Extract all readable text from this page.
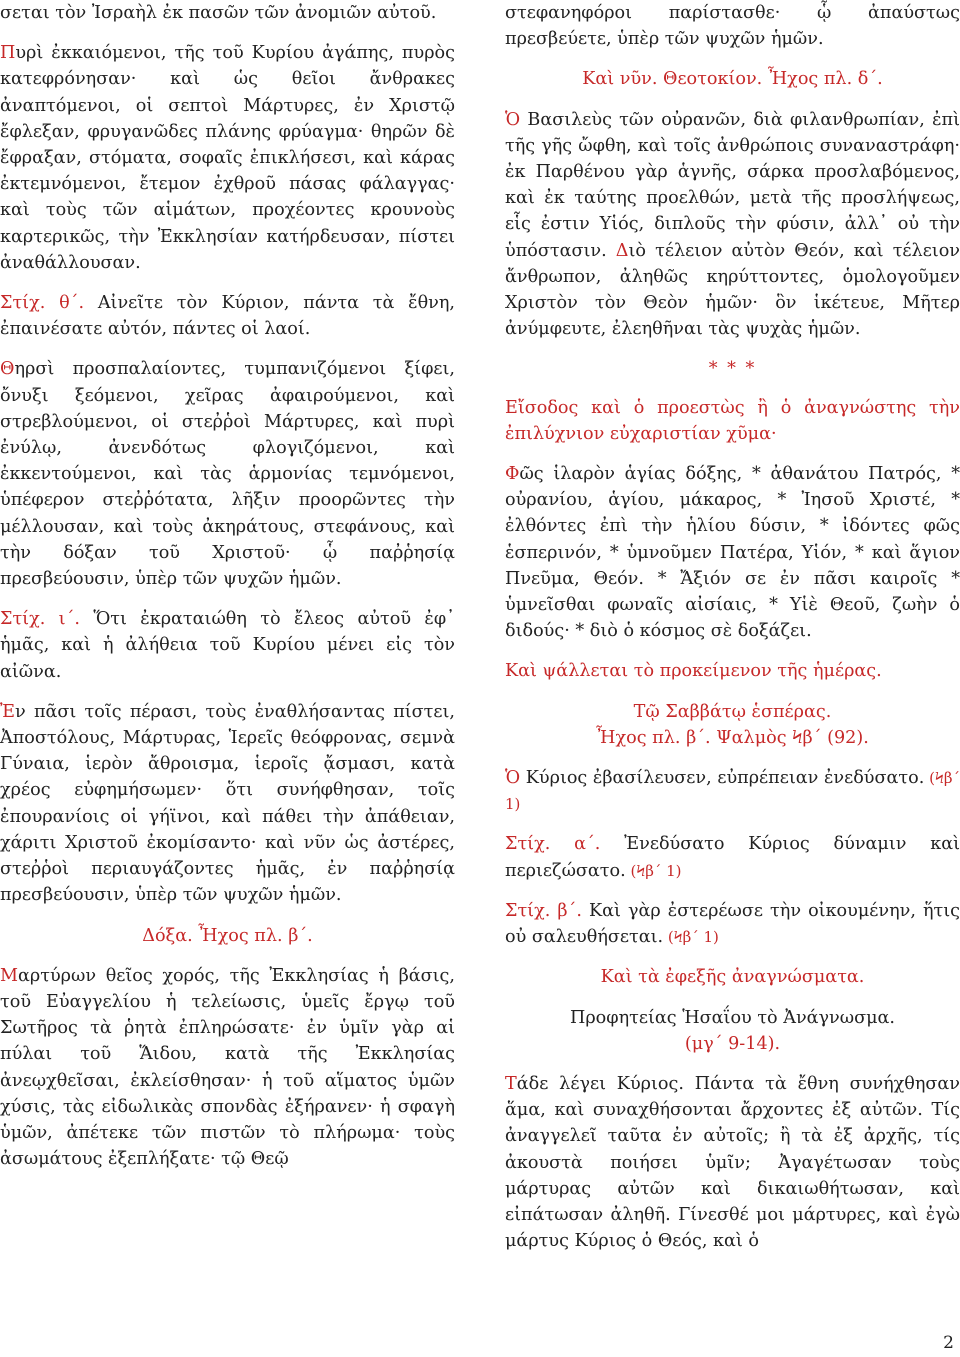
σεται τὸν Ἰσραὴλ ἐκ πασῶν τῶν ἀνομιῶν αὐτοῦ.

Πυρὶ ἐκκαιόμενοι, τῆς τοῦ Κυρίου ἀγάπης, πυρὸς κατεφρόνησαν· καὶ ὡς θεῖοι ἄνθρακες ἀναπτόμενοι, οἱ σεπτοὶ Μάρτυρες, ἐν Χριστῷ ἔφλεξαν, φρυγανῶδες πλάνης φρύαγμα· θηρῶν δὲ ἔφραξαν, στόματα, σοφαῖς ἐπικλήσεσι, καὶ κάρας ἐκτεμνόμενοι, ἔτεμον ἐχθροῦ πάσας φάλαγγας· καὶ τοὺς τῶν αἱμάτων, προχέοντες κρουνοὺς καρτερικῶς, τὴν Ἐκκλησίαν κατήρδευσαν, πίστει ἀναθάλλουσαν.

Στίχ. θ΄. Αἰνεῖτε τὸν Κύριον, πάντα τὰ ἔθνη, ἐπαινέσατε αὐτόν, πάντες οἱ λαοί.

Θηρσὶ προσπαλαίοντες, τυμπανιζόμενοι ξίφει, ὄνυξι ξεόμενοι, χεῖρας ἀφαιρούμενοι, καὶ στρεβλούμενοι, οἱ στεῤῥοὶ Μάρτυρες, καὶ πυρὶ ἐνύλῳ, ἀνενδότως φλογιζόμενοι, καὶ ἐκκεντούμενοι, καὶ τὰς ἁρμονίας τεμνόμενοι, ὑπέφερον στεῤῥότατα, λῆξιν προορῶντες τὴν μέλλουσαν, καὶ τοὺς ἀκηράτους, στεφάνους, καὶ τὴν δόξαν τοῦ Χριστοῦ· ᾧ παῤῥησίᾳ πρεσβεύουσιν, ὑπὲρ τῶν ψυχῶν ἡμῶν.

Στίχ. ι΄. Ὅτι ἐκραταιώθη τὸ ἔλεος αὐτοῦ ἐφ᾿ ἡμᾶς, καὶ ἡ ἀλήθεια τοῦ Κυρίου μένει εἰς τὸν αἰῶνα.

Ἐν πᾶσι τοῖς πέρασι, τοὺς ἐναθλήσαντας πίστει, Ἀποστόλους, Μάρτυρας, Ἱερεῖς θεόφρονας, σεμνὰ Γύναια, ἱερὸν ἄθροισμα, ἱεροῖς ᾄσμασι, κατὰ χρέος εὐφημήσωμεν· ὅτι συνήφθησαν, τοῖς ἐπουρανίοις οἱ γήϊνοι, καὶ πάθει τὴν ἀπάθειαν, χάριτι Χριστοῦ ἐκομίσαντο· καὶ νῦν ὡς ἀστέρες, στεῤῥοὶ περιαυγάζοντες ἡμᾶς, ἐν παῤῥησίᾳ πρεσβεύουσιν, ὑπὲρ τῶν ψυχῶν ἡμῶν.

Δόξα. Ἦχος πλ. β΄.

Μαρτύρων θεῖος χορός, τῆς Ἐκκλησίας ἡ βάσις, τοῦ Εὐαγγελίου ἡ τελείωσις, ὑμεῖς ἔργῳ τοῦ Σωτῆρος τὰ ῥητὰ ἐπληρώσατε· ἐν ὑμῖν γὰρ αἱ πύλαι τοῦ Ἅιδου, κατὰ τῆς Ἐκκλησίας ἀνεῳχθεῖσαι, ἐκλείσθησαν· ἡ τοῦ αἵματος ὑμῶν χύσις, τὰς εἰδωλικὰς σπονδὰς ἐξήρανεν· ἡ σφαγὴ ὑμῶν, ἀπέτεκε τῶν πιστῶν τὸ πλήρωμα· τοὺς ἀσωμάτους ἐξεπλήξατε· τῷ Θεῷ

στεφανηφόροι παρίστασθε· ᾧ ἀπαύστως πρεσβεύετε, ὑπὲρ τῶν ψυχῶν ἡμῶν.

Καὶ νῦν. Θεοτοκίον. Ἦχος πλ. δ΄.

Ὁ Βασιλεὺς τῶν οὐρανῶν, διὰ φιλανθρωπίαν, ἐπὶ τῆς γῆς ὤφθη, καὶ τοῖς ἀνθρώποις συναναστράφη· ἐκ Παρθένου γὰρ ἁγνῆς, σάρκα προσλαβόμενος, καὶ ἐκ ταύτης προελθών, μετὰ τῆς προσλήψεως, εἷς ἐστιν Υἱός, διπλοῦς τὴν φύσιν, ἀλλ᾿ οὐ τὴν ὑπόστασιν. Διὸ τέλειον αὐτὸν Θεόν, καὶ τέλειον ἄνθρωπον, ἀληθῶς κηρύττοντες, ὁμολογοῦμεν Χριστὸν τὸν Θεὸν ἡμῶν· ὃν ἱκέτευε, Μῆτερ ἀνύμφευτε, ἐλεηθῆναι τὰς ψυχὰς ἡμῶν.

* * *

Εἴσοδος καὶ ὁ προεστὼς ἢ ὁ ἀναγνώστης τὴν ἐπιλύχνιον εὐχαριστίαν χῦμα·

Φῶς ἱλαρὸν ἁγίας δόξης, * ἀθανάτου Πατρός, * οὐρανίου, ἁγίου, μάκαρος, * Ἰησοῦ Χριστέ, * ἐλθόντες ἐπὶ τὴν ἡλίου δύσιν, * ἰδόντες φῶς ἑσπερινόν, * ὑμνοῦμεν Πατέρα, Υἱόν, * καὶ ἅγιον Πνεῦμα, Θεόν. * Ἄξιόν σε ἐν πᾶσι καιροῖς * ὑμνεῖσθαι φωναῖς αἰσίαις, * Υἱὲ Θεοῦ, ζωὴν ὁ διδούς· * διὸ ὁ κόσμος σὲ δοξάζει.

Καὶ ψάλλεται τὸ προκείμενον τῆς ἡμέρας.

Τῷ Σαββάτῳ ἑσπέρας.
Ἦχος πλ. β΄. Ψαλμὸς Ϟβ΄ (92).

Ὁ Κύριος ἐβασίλευσεν, εὐπρέπειαν ἐνεδύσατο. (Ϟβ΄ 1)

Στίχ. α΄. Ἐνεδύσατο Κύριος δύναμιν καὶ περιεζώσατο. (Ϟβ΄ 1)

Στίχ. β΄. Καὶ γὰρ ἐστερέωσε τὴν οἰκουμένην, ἥτις οὐ σαλευθήσεται. (Ϟβ΄ 1)

Καὶ τὰ ἐφεξῆς ἀναγνώσματα.

Προφητείας Ἡσαΐου τὸ Ἀνάγνωσμα.
(μγ΄ 9-14).

Τάδε λέγει Κύριος. Πάντα τὰ ἔθνη συνήχθησαν ἅμα, καὶ συναχθήσονται ἄρχοντες ἐξ αὐτῶν. Τίς ἀναγγελεῖ ταῦτα ἐν αὐτοῖς; ἢ τὰ ἐξ ἀρχῆς, τίς ἀκουστὰ ποιήσει ὑμῖν; Ἀγαγέτωσαν τοὺς μάρτυρας αὐτῶν καὶ δικαιωθήτωσαν, καὶ εἰπάτωσαν ἀληθῆ. Γίνεσθέ μοι μάρτυρες, καὶ ἐγὼ μάρτυς Κύριος ὁ Θεός, καὶ ὁ

2
